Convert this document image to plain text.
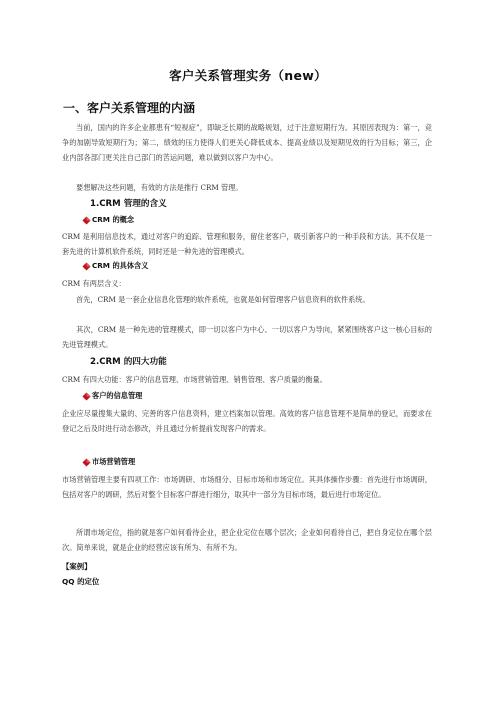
客户关系管理实务（new）
一、客户关系管理的内涵
当前，国内的许多企业都患有“短视症”，即缺乏长期的战略规划，过于注意短期行为。其原因表现为：第一，竞争的加剧导致短期行为；第二，绩效的压力使得人们更关心降低成本、提高业绩以及短期见效的行为目标；第三，企业内部各部门更关注自己部门的苦运问题，难以做到以客户为中心。
要想解决这些问题，有效的方法是推行 CRM 管理。
1.CRM 管理的含义
CRM 的概念
CRM 是利用信息技术，通过对客户的追踪、管理和服务，留住老客户，吸引新客户的一种手段和方法。其不仅是一套先进的计算机软件系统，同时还是一种先进的管理模式。
CRM 的具体含义
CRM 有两层含义：
首先，CRM 是一套企业信息化管理的软件系统，也就是如何管理客户信息资料的软件系统。
其次，CRM 是一种先进的管理模式，即一切以客户为中心、一切以客户为导向，紧紧围绕客户这一核心目标的先进管理模式。
2.CRM 的四大功能
CRM 有四大功能：客户的信息管理、市场营销管理、销售管理、客户质量的衡量。
客户的信息管理
企业应尽量搜集大量的、完善的客户信息资料，建立档案加以管理。高效的客户信息管理不是简单的登记，而要求在登记之后及时进行动态修改，并且通过分析提前发现客户的需求。
市场营销管理
市场营销管理主要有四项工作：市场调研、市场细分、目标市场和市场定位。其具体操作步骤：首先进行市场调研，包括对客户的调研，然后对整个目标客户群进行细分，取其中一部分为目标市场，最后进行市场定位。
所谓市场定位，指的就是客户如何看待企业，把企业定位在哪个层次；企业如何看待自己，把自身定位在哪个层次。简单来说，就是企业的经营应该有所为、有所不为。
【案例】
QQ 的定位
